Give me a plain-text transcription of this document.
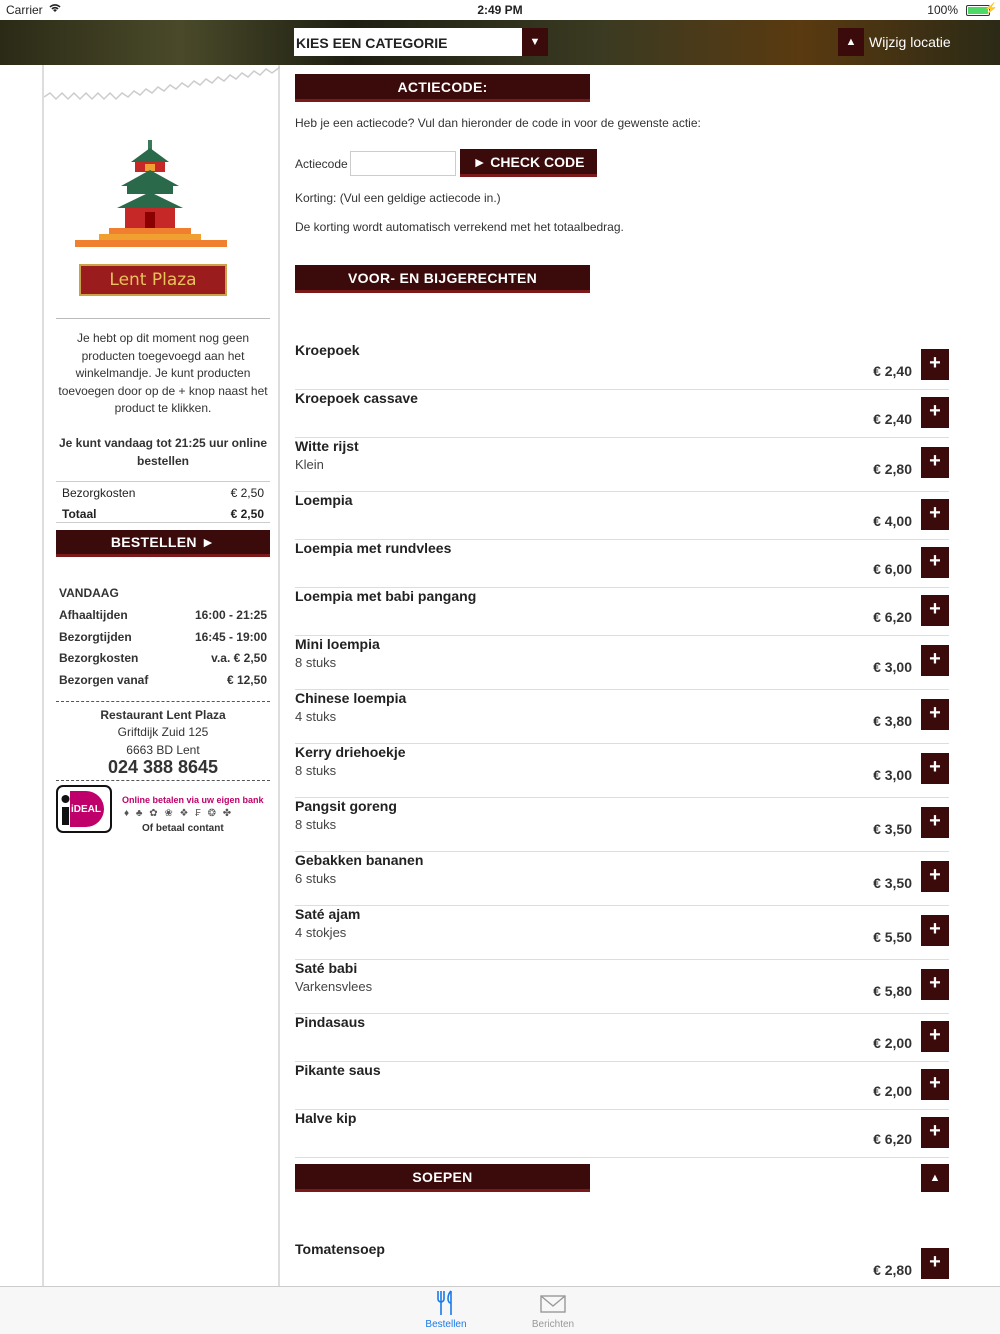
Carrier	2:49 PM	100% ⚡
KIES EEN CATEGORIE	▼	▲ Wijzig locatie
Lent Plaza
Je hebt op dit moment nog geen producten toegevoegd aan het winkelmandje. Je kunt producten toevoegen door op de + knop naast het product te klikken.
Je kunt vandaag tot 21:25 uur online bestellen
Bezorgkosten	€ 2,50
Totaal	€ 2,50
BESTELLEN ►
VANDAAG
Afhaaltijden	16:00 - 21:25
Bezorgtijden	16:45 - 19:00
Bezorgkosten	v.a. € 2,50
Bezorgen vanaf	€ 12,50
Restaurant Lent Plaza
Griftdijk Zuid 125
6663 BD Lent
024 388 8645
iDEAL
Online betalen via uw eigen bank
♦ ♣ ✿ ❀ ❖ ₣ ❂ ✤
Of betaal contant
ACTIECODE:
Heb je een actiecode? Vul dan hieronder de code in voor de gewenste actie:
Actiecode	► CHECK CODE
Korting: (Vul een geldige actiecode in.)
De korting wordt automatisch verrekend met het totaalbedrag.
VOOR- EN BIJGERECHTEN
Kroepoek
€ 2,40 +
Kroepoek cassave
€ 2,40 +
Witte rijst
Klein	€ 2,80 +
Loempia
€ 4,00 +
Loempia met rundvlees
€ 6,00 +
Loempia met babi pangang
€ 6,20 +
Mini loempia
8 stuks	€ 3,00 +
Chinese loempia
4 stuks	€ 3,80 +
Kerry driehoekje
8 stuks	€ 3,00 +
Pangsit goreng
8 stuks	€ 3,50 +
Gebakken bananen
6 stuks	€ 3,50 +
Saté ajam
4 stokjes	€ 5,50 +
Saté babi
Varkensvlees	€ 5,80 +
Pindasaus
€ 2,00 +
Pikante saus
€ 2,00 +
Halve kip
€ 6,20 +
SOEPEN	▲
Tomatensoep
€ 2,80 +
Bestellen	Berichten
